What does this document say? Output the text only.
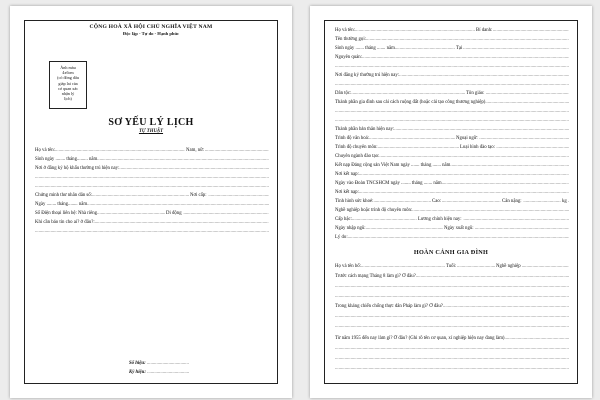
CỘNG HOÀ XÃ HỘI CHỦ NGHĨA VIỆT NAM
Độc lập - Tự do - Hạnh phúc
Ảnh màu
4x6cm
(có đóng dấu
giáp lai của
cơ quan xác
nhận lý
lịch)
SƠ YẾU LÝ LỊCH
TỰ THUẬT
Họ và tên: .....	Nam, nữ:
Sinh ngày ........ tháng......... năm .....
Nơi ở đăng ký hộ khẩu thường trú hiện nay: .....
.....
.....
Chứng minh thư nhân dân số: .....	Nơi cấp:
Ngày ........ tháng........ năm .....
Số Điện thoại liên hệ: Nhà riêng .....	Di động
Khi cần báo tin cho ai? ở đâu?: .....
.....
Số hiệu: .....
Ký hiệu: .....
Họ và tên: .....	Bí danh:
Tên thường gọi: .....
Sinh ngày ....... tháng ....... năm .....	Tại
Nguyên quán: .....
.....
Nơi đăng ký thường trú hiện nay: .....
.....
Dân tộc: .....	Tôn giáo:
Thành phần gia đình sau cải cách ruộng đất (hoặc cải tạo công thương nghiệp) .....
.....
.....
Thành phần bản thân hiện nay: .....
Trình độ văn hoá: .....	Ngoại ngữ:
Trình độ chuyên môn: .....	Loại hình đào tạo:
Chuyên ngành đào tạo: .....
Kết nạp Đảng cộng sản Việt Nam ngày ....... tháng ....... năm .....
Nơi kết nạp: .....
Ngày vào Đoàn TNCSHCM ngày ........ tháng ....... năm .....
Nơi kết nạp: .....
Tình hình sức khoẻ: .....	Cao:	Cân nặng:	kg
Nghề nghiệp hoặc trình độ chuyên môn: .....
Cấp bậc: .....	Lương chính hiện nay:
Ngày nhập ngũ: .....	Ngày xuất ngũ:
Lý do: .....
HOÀN CẢNH GIA ĐÌNH
Họ và tên bố: .....	Tuổi:	Nghề nghiệp
Trước cách mạng Tháng 8 làm gì? Ở đâu? .....
.....
.....
Trong kháng chiến chống thực dân Pháp làm gì? Ở đâu? .....
.....
.....
Từ năm 1955 đến nay làm gì? Ở đâu? (Ghi rõ tên cơ quan, xí nghiệp hiện nay đang làm) .....
.....
.....
.....
